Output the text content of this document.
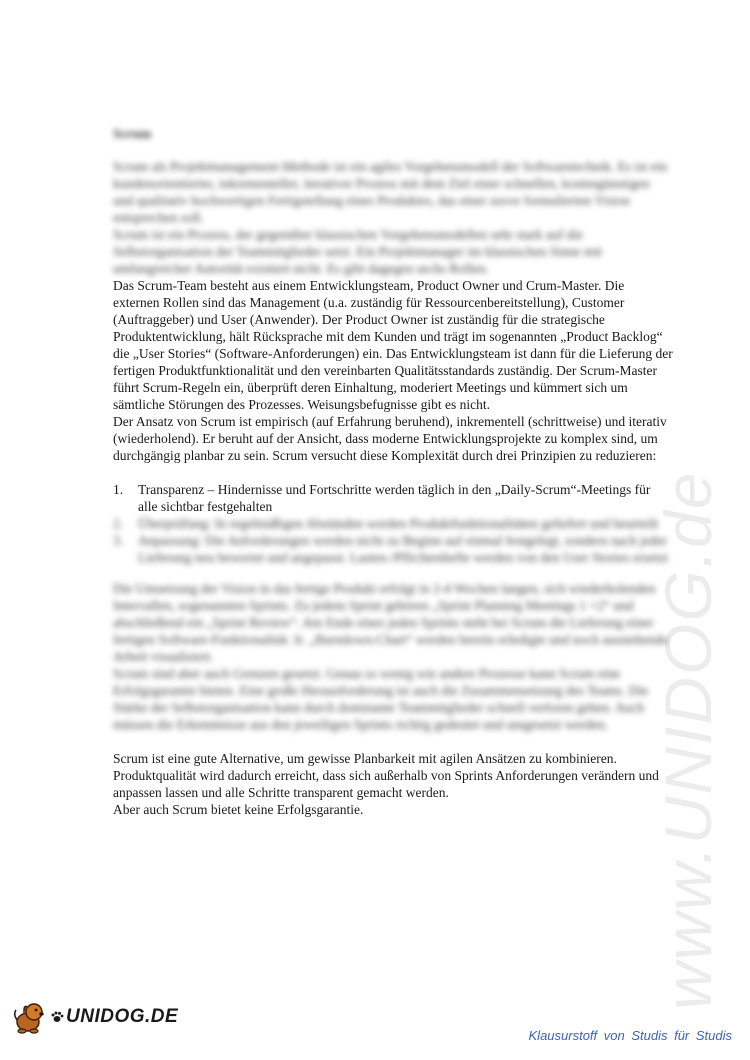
www.UNIDOG.de
Scrum

Scrum als Projektmanagement-Methode ist ein agiles Vorgehensmodell der Softwaretechnik. Es ist ein kundenorientierter, inkrementeller, iterativer Prozess mit dem Ziel einer schnellen, kostengünstigen und qualitativ hochwertigen Fertigstellung eines Produktes, das einer zuvor formulierten Vision entsprechen soll.

Scrum ist ein Prozess, der gegenüber klassischen Vorgehensmodellen sehr stark auf die Selbstorganisation der Teammitglieder setzt. Ein Projektmanager im klassischen Sinne mit umfangreicher Autorität existiert nicht. Es gibt dagegen sechs Rollen.

Das Scrum-Team besteht aus einem Entwicklungsteam, Product Owner und Crum-Master. Die externen Rollen sind das Management (u.a. zuständig für Ressourcenbereitstellung), Customer (Auftraggeber) und User (Anwender). Der Product Owner ist zuständig für die strategische Produktentwicklung, hält Rücksprache mit dem Kunden und trägt im sogenannten „Product Backlog“ die „User Stories“ (Software-Anforderungen) ein. Das Entwicklungsteam ist dann für die Lieferung der fertigen Produktfunktionalität und den vereinbarten Qualitätsstandards zuständig. Der Scrum-Master führt Scrum-Regeln ein, überprüft deren Einhaltung, moderiert Meetings und kümmert sich um sämtliche Störungen des Prozesses. Weisungsbefugnisse gibt es nicht.

Der Ansatz von Scrum ist empirisch (auf Erfahrung beruhend), inkrementell (schrittweise) und iterativ (wiederholend). Er beruht auf der Ansicht, dass moderne Entwicklungsprojekte zu komplex sind, um durchgängig planbar zu sein. Scrum versucht diese Komplexität durch drei Prinzipien zu reduzieren:

1. Transparenz – Hindernisse und Fortschritte werden täglich in den „Daily-Scrum“-Meetings für alle sichtbar festgehalten
2. Überprüfung: In regelmäßigen Abständen werden Produktfunktionalitäten geliefert und beurteilt
3. Anpassung: Die Anforderungen werden nicht zu Beginn auf einmal festgelegt, sondern nach jeder Lieferung neu bewertet und angepasst. Lasten-/Pflichtenhefte werden von den User Stories ersetzt

Die Umsetzung der Vision in das fertige Produkt erfolgt in 2-4 Wochen langen, sich wiederholenden Intervallen, sogenannten Sprints. Zu jedem Sprint gehören „Sprint Planning Meetings 1 +2“ und abschließend ein „Sprint Review“. Am Ende eines jeden Sprints steht bei Scrum die Lieferung einer fertigen Software-Funktionalität. Ir. „Burndown-Chart“ werden bereits erledigte und noch ausstehende Arbeit visualisiert.

Scrum sind aber auch Grenzen gesetzt. Genau so wenig wie andere Prozesse kann Scrum eine Erfolgsgarantie bieten. Eine große Herausforderung ist auch die Zusammensetzung des Teams. Die Stärke der Selbstorganisation kann durch dominante Teammitglieder schnell verloren gehen. Auch müssen die Erkenntnisse aus den jeweiligen Sprints richtig gedeutet und umgesetzt werden.

Scrum ist eine gute Alternative, um gewisse Planbarkeit mit agilen Ansätzen zu kombinieren. Produktqualität wird dadurch erreicht, dass sich außerhalb von Sprints Anforderungen verändern und anpassen lassen und alle Schritte transparent gemacht werden.

Aber auch Scrum bietet keine Erfolgsgarantie.

UNIDOG.DE
Klausurstoff von Studis für Studis
